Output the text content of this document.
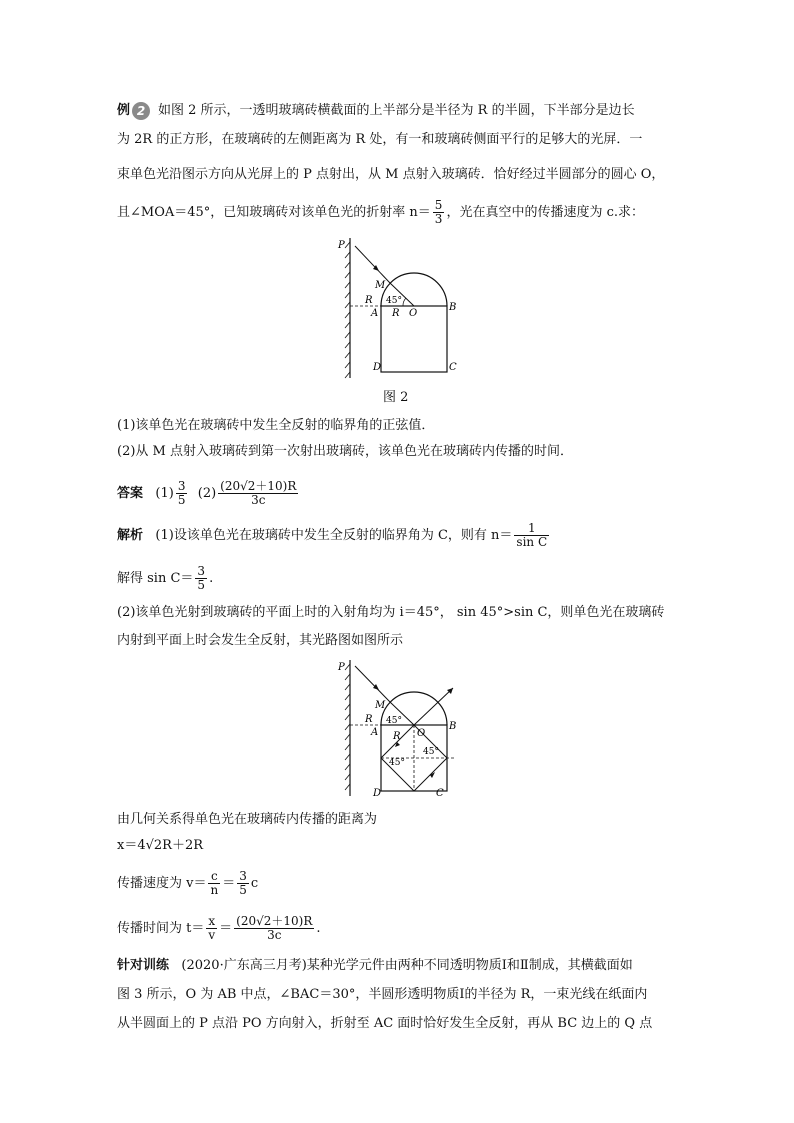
例 2 如图 2 所示，一透明玻璃砖横截面的上半部分是半径为 R 的半圆，下半部分是边长
为 2R 的正方形，在玻璃砖的左侧距离为 R 处，有一和玻璃砖侧面平行的足够大的光屏．一
束单色光沿图示方向从光屏上的 P 点射出，从 M 点射入玻璃砖．恰好经过半圆部分的圆心 O，
且∠MOA＝45°，已知玻璃砖对该单色光的折射率 $n= \frac{5}{3}$ ，光在真空中的传播速度为 c.求：
P
M
R 45°
A R O
B
D	C
图 2
(1)该单色光在玻璃砖中发生全反射的临界角的正弦值．
(2)从 M 点射入玻璃砖到第一次射出玻璃砖，该单色光在玻璃砖内传播的时间．
答案 $(1) \frac{3}{5} (2) \frac{(20√2+10)R}{3c}$
解析 (1)设该单色光在玻璃砖中发生全反射的临界角为 C，则有 $n= \frac{1}{\text{sin C}}$
解得 $\sin C= \frac{3}{5}$ .
(2)该单色光射到玻璃砖的平面上时的入射角均为 i＝45°， sin 45°>sin C，则单色光在玻璃砖
内射到平面上时会发生全反射，其光路图如图所示
P
M
R 45°
A R O
B
45°
45°
D	C
由几何关系得单色光在玻璃砖内传播的距离为
x＝4√2R＋2R
传播速度为 $v= \frac{c}{n} = \frac{3}{5}$ c
传播时间为 $t= \frac{x}{v} = \frac{(20√2+10)R}{3c}$ .
针对训练 (2020·广东高三月考)某种光学元件由两种不同透明物质Ⅰ和Ⅱ制成，其横截面如
图 3 所示，O 为 AB 中点，∠BAC＝30°，半圆形透明物质Ⅰ的半径为 R，一束光线在纸面内
从半圆面上的 P 点沿 PO 方向射入，折射至 AC 面时恰好发生全反射，再从 BC 边上的 Q 点
